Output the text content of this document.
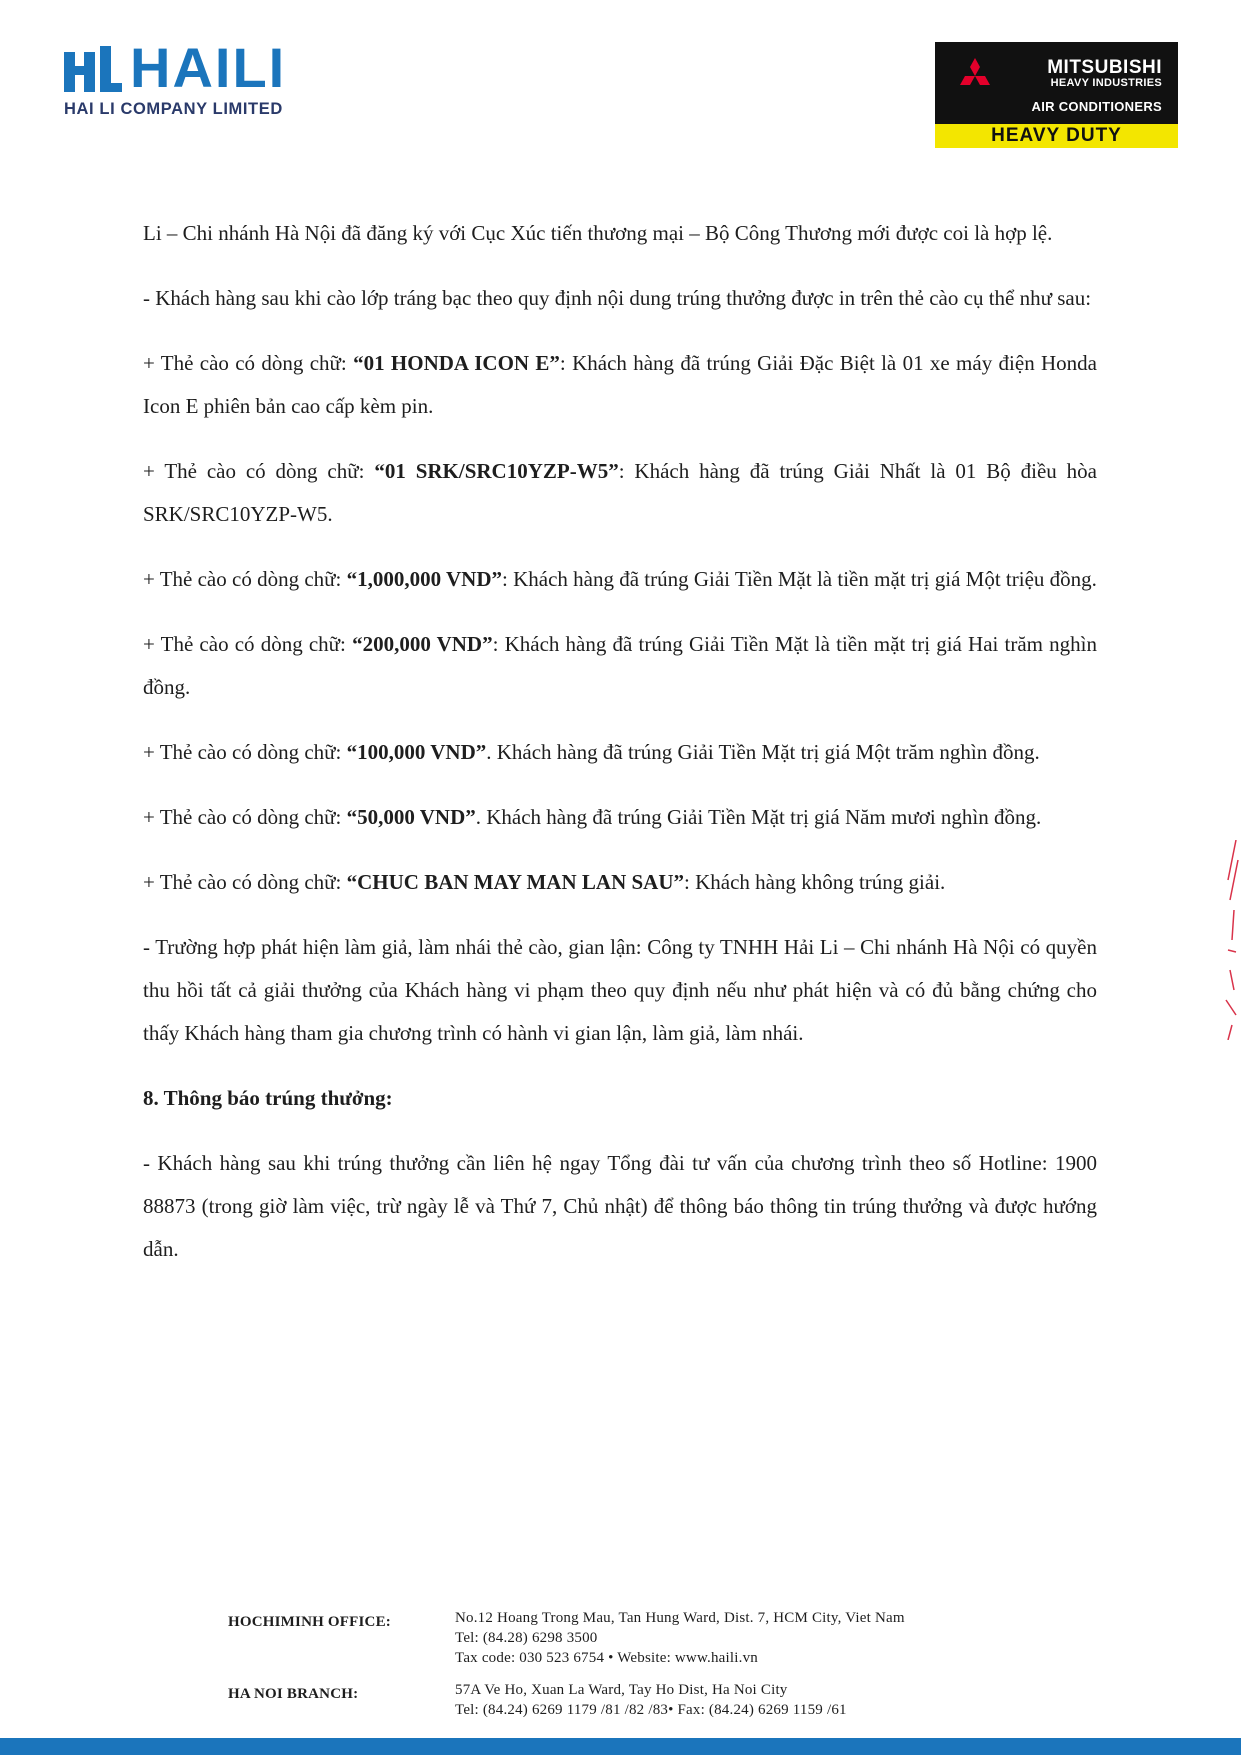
HAILI
HAI LI COMPANY LIMITED
MITSUBISHI
HEAVY INDUSTRIES
AIR CONDITIONERS
HEAVY DUTY

Li – Chi nhánh Hà Nội đã đăng ký với Cục Xúc tiến thương mại – Bộ Công Thương mới được coi là hợp lệ.

- Khách hàng sau khi cào lớp tráng bạc theo quy định nội dung trúng thưởng được in trên thẻ cào cụ thể như sau:

+ Thẻ cào có dòng chữ: “01 HONDA ICON E”: Khách hàng đã trúng Giải Đặc Biệt là 01 xe máy điện Honda Icon E phiên bản cao cấp kèm pin.

+ Thẻ cào có dòng chữ: “01 SRK/SRC10YZP-W5”: Khách hàng đã trúng Giải Nhất là 01 Bộ điều hòa SRK/SRC10YZP-W5.

+ Thẻ cào có dòng chữ: “1,000,000 VND”: Khách hàng đã trúng Giải Tiền Mặt là tiền mặt trị giá Một triệu đồng.

+ Thẻ cào có dòng chữ: “200,000 VND”: Khách hàng đã trúng Giải Tiền Mặt là tiền mặt trị giá Hai trăm nghìn đồng.

+ Thẻ cào có dòng chữ: “100,000 VND”. Khách hàng đã trúng Giải Tiền Mặt trị giá Một trăm nghìn đồng.

+ Thẻ cào có dòng chữ: “50,000 VND”. Khách hàng đã trúng Giải Tiền Mặt trị giá Năm mươi nghìn đồng.

+ Thẻ cào có dòng chữ: “CHUC BAN MAY MAN LAN SAU”: Khách hàng không trúng giải.

- Trường hợp phát hiện làm giả, làm nhái thẻ cào, gian lận: Công ty TNHH Hải Li – Chi nhánh Hà Nội có quyền thu hồi tất cả giải thưởng của Khách hàng vi phạm theo quy định nếu như phát hiện và có đủ bằng chứng cho thấy Khách hàng tham gia chương trình có hành vi gian lận, làm giả, làm nhái.

8. Thông báo trúng thưởng:

- Khách hàng sau khi trúng thưởng cần liên hệ ngay Tổng đài tư vấn của chương trình theo số Hotline: 1900 88873 (trong giờ làm việc, trừ ngày lễ và Thứ 7, Chủ nhật) để thông báo thông tin trúng thưởng và được hướng dẫn.

HOCHIMINH OFFICE:	No.12 Hoang Trong Mau, Tan Hung Ward, Dist. 7, HCM City, Viet Nam
Tel: (84.28) 6298 3500
Tax code: 030 523 6754 • Website: www.haili.vn
HA NOI BRANCH:	57A Ve Ho, Xuan La Ward, Tay Ho Dist, Ha Noi City
Tel: (84.24) 6269 1179 /81 /82 /83• Fax: (84.24) 6269 1159 /61
